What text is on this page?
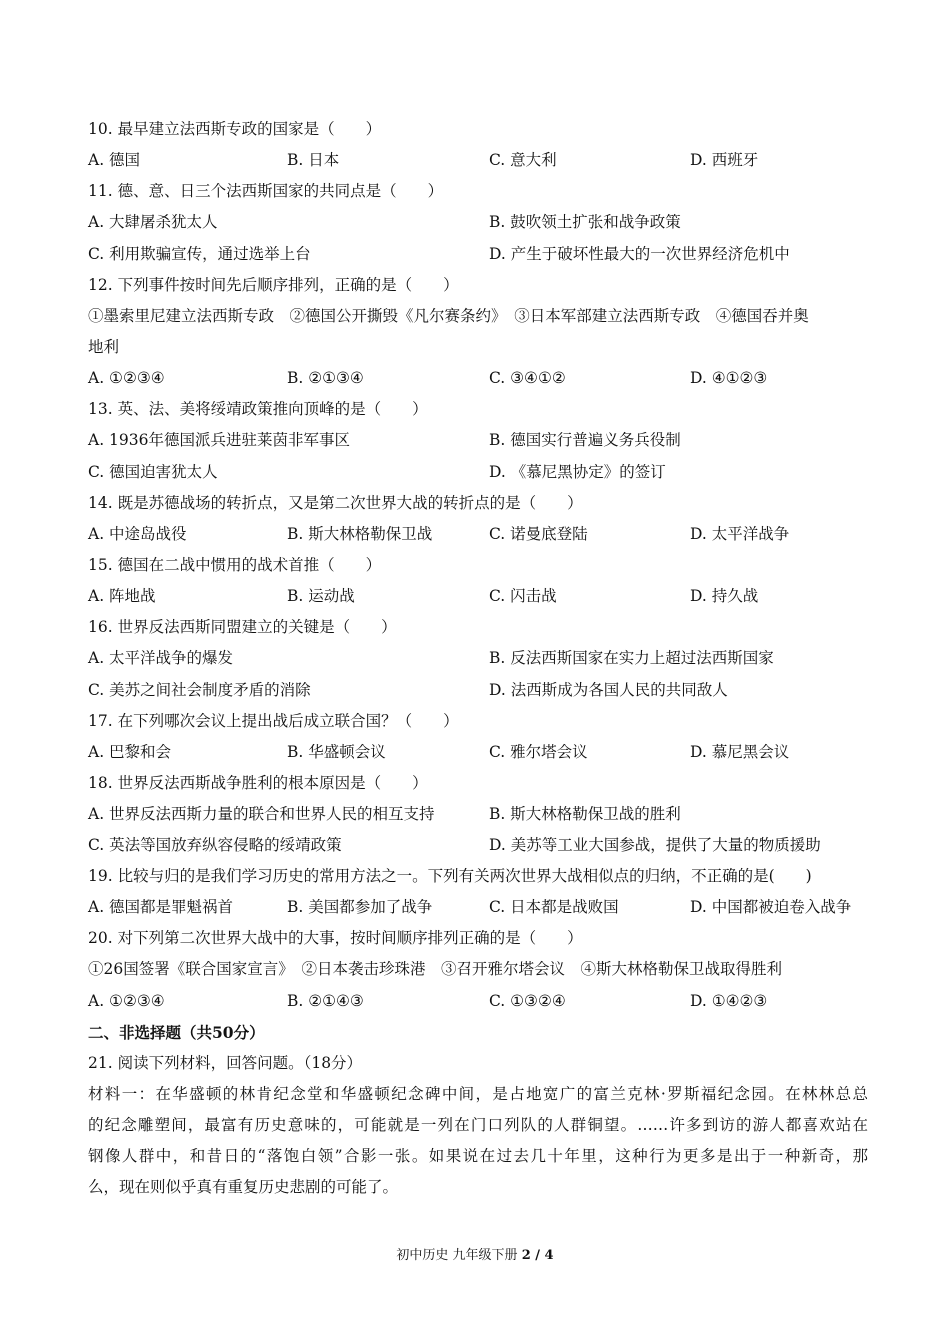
10. 最早建立法西斯专政的国家是（　　）
A. 德国	B. 日本	C. 意大利	D. 西班牙
11. 德、意、日三个法西斯国家的共同点是（　　）
A. 大肆屠杀犹太人	B. 鼓吹领土扩张和战争政策
C. 利用欺骗宣传，通过选举上台	D. 产生于破坏性最大的一次世界经济危机中
12. 下列事件按时间先后顺序排列，正确的是（　　）
①墨索里尼建立法西斯专政　②德国公开撕毁《凡尔赛条约》　③日本军部建立法西斯专政　④德国吞并奥
地利
A. ①②③④	B. ②①③④	C. ③④①②	D. ④①②③
13. 英、法、美将绥靖政策推向顶峰的是（　　）
A. 1936年德国派兵进驻莱茵非军事区	B. 德国实行普遍义务兵役制
C. 德国迫害犹太人	D. 《慕尼黑协定》的签订
14. 既是苏德战场的转折点，又是第二次世界大战的转折点的是（　　）
A. 中途岛战役	B. 斯大林格勒保卫战	C. 诺曼底登陆	D. 太平洋战争
15. 德国在二战中惯用的战术首推（　　）
A. 阵地战	B. 运动战	C. 闪击战	D. 持久战
16. 世界反法西斯同盟建立的关键是（　　）
A. 太平洋战争的爆发	B. 反法西斯国家在实力上超过法西斯国家
C. 美苏之间社会制度矛盾的消除	D. 法西斯成为各国人民的共同敌人
17. 在下列哪次会议上提出战后成立联合国？（　　）
A. 巴黎和会	B. 华盛顿会议	C. 雅尔塔会议	D. 慕尼黑会议
18. 世界反法西斯战争胜利的根本原因是（　　）
A. 世界反法西斯力量的联合和世界人民的相互支持	B. 斯大林格勒保卫战的胜利
C. 英法等国放弃纵容侵略的绥靖政策	D. 美苏等工业大国参战，提供了大量的物质援助
19. 比较与归的是我们学习历史的常用方法之一。下列有关两次世界大战相似点的归纳，不正确的是(　　)
A. 德国都是罪魁祸首	B. 美国都参加了战争	C. 日本都是战败国	D. 中国都被迫卷入战争
20. 对下列第二次世界大战中的大事，按时间顺序排列正确的是（　　）
①26国签署《联合国家宣言》　②日本袭击珍珠港　③召开雅尔塔会议　④斯大林格勒保卫战取得胜利
A. ①②③④	B. ②①④③	C. ①③②④	D. ①④②③
二、非选择题（共50分）
21. 阅读下列材料，回答问题。（18分）
材料一：在华盛顿的林肯纪念堂和华盛顿纪念碑中间，是占地宽广的富兰克林·罗斯福纪念园。在林林总总
的纪念雕塑间，最富有历史意味的，可能就是一列在门口列队的人群铜望。……许多到访的游人都喜欢站在
钢像人群中，和昔日的“落饱白领”合影一张。如果说在过去几十年里，这种行为更多是出于一种新奇，那
么，现在则似乎真有重复历史悲剧的可能了。
初中历史 九年级下册 2 / 4
